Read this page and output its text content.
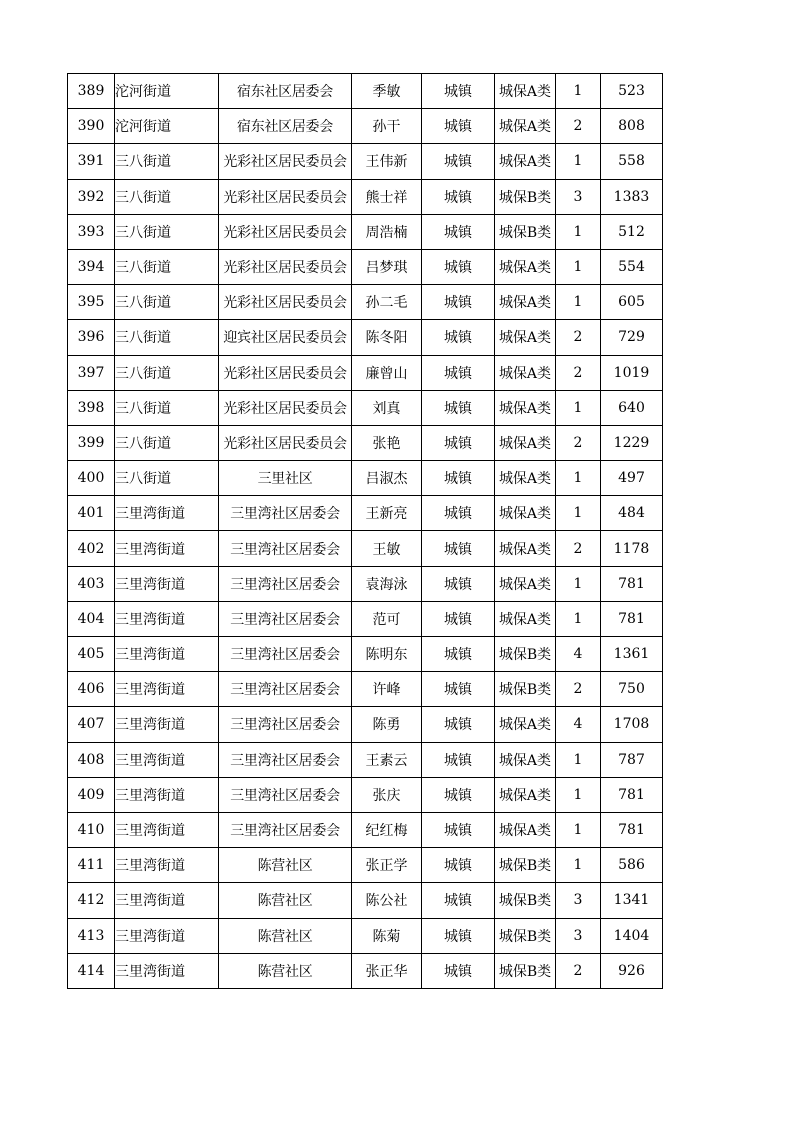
389	沱河街道	宿东社区居委会	季敏	城镇	城保A类	1	523
390	沱河街道	宿东社区居委会	孙干	城镇	城保A类	2	808
391	三八街道	光彩社区居民委员会	王伟新	城镇	城保A类	1	558
392	三八街道	光彩社区居民委员会	熊士祥	城镇	城保B类	3	1383
393	三八街道	光彩社区居民委员会	周浩楠	城镇	城保B类	1	512
394	三八街道	光彩社区居民委员会	吕梦琪	城镇	城保A类	1	554
395	三八街道	光彩社区居民委员会	孙二毛	城镇	城保A类	1	605
396	三八街道	迎宾社区居民委员会	陈冬阳	城镇	城保A类	2	729
397	三八街道	光彩社区居民委员会	廉曾山	城镇	城保A类	2	1019
398	三八街道	光彩社区居民委员会	刘真	城镇	城保A类	1	640
399	三八街道	光彩社区居民委员会	张艳	城镇	城保A类	2	1229
400	三八街道	三里社区	吕淑杰	城镇	城保A类	1	497
401	三里湾街道	三里湾社区居委会	王新亮	城镇	城保A类	1	484
402	三里湾街道	三里湾社区居委会	王敏	城镇	城保A类	2	1178
403	三里湾街道	三里湾社区居委会	袁海泳	城镇	城保A类	1	781
404	三里湾街道	三里湾社区居委会	范可	城镇	城保A类	1	781
405	三里湾街道	三里湾社区居委会	陈明东	城镇	城保B类	4	1361
406	三里湾街道	三里湾社区居委会	许峰	城镇	城保B类	2	750
407	三里湾街道	三里湾社区居委会	陈勇	城镇	城保A类	4	1708
408	三里湾街道	三里湾社区居委会	王素云	城镇	城保A类	1	787
409	三里湾街道	三里湾社区居委会	张庆	城镇	城保A类	1	781
410	三里湾街道	三里湾社区居委会	纪红梅	城镇	城保A类	1	781
411	三里湾街道	陈营社区	张正学	城镇	城保B类	1	586
412	三里湾街道	陈营社区	陈公社	城镇	城保B类	3	1341
413	三里湾街道	陈营社区	陈菊	城镇	城保B类	3	1404
414	三里湾街道	陈营社区	张正华	城镇	城保B类	2	926
